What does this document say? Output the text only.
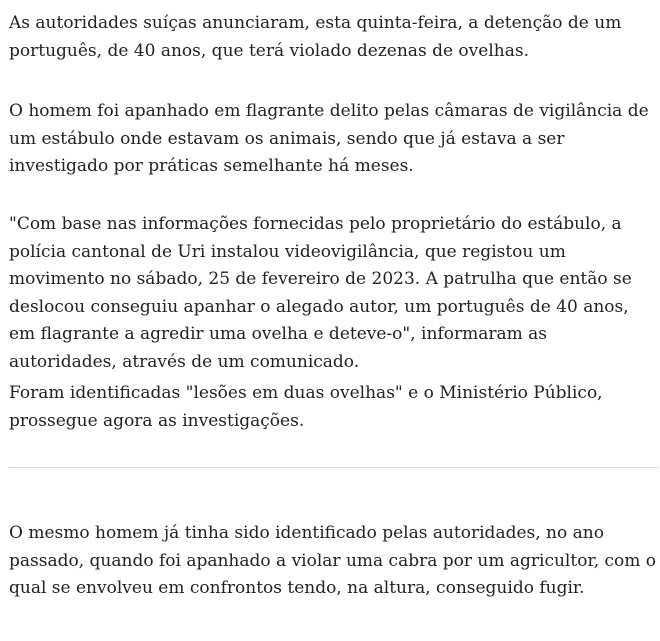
As autoridades suíças anunciaram, esta quinta-feira, a detenção de um português, de 40 anos, que terá violado dezenas de ovelhas.

O homem foi apanhado em flagrante delito pelas câmaras de vigilância de um estábulo onde estavam os animais, sendo que já estava a ser investigado por práticas semelhante há meses.

"Com base nas informações fornecidas pelo proprietário do estábulo, a polícia cantonal de Uri instalou videovigilância, que registou um movimento no sábado, 25 de fevereiro de 2023. A patrulha que então se deslocou conseguiu apanhar o alegado autor, um português de 40 anos, em flagrante a agredir uma ovelha e deteve-o", informaram as autoridades, através de um comunicado.

Foram identificadas "lesões em duas ovelhas" e o Ministério Público, prossegue agora as investigações.

O mesmo homem já tinha sido identificado pelas autoridades, no ano passado, quando foi apanhado a violar uma cabra por um agricultor, com o qual se envolveu em confrontos tendo, na altura, conseguido fugir.
